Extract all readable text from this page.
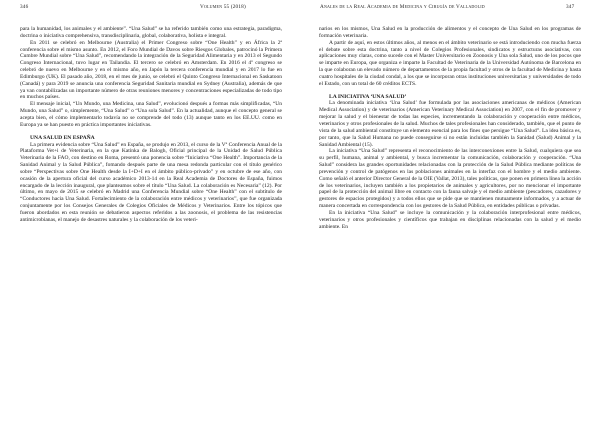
346	Volumen 55 (2018)	Anales de la Real Academia de Medicina y Cirugía de Valladolid	347

para la humanidad, los animales y el ambiente”. “Una Salud” se ha referido también como una estrategia, paradigma, doctrina o iniciativa comprehensiva, transdisciplinaria, global, colaborativa, holista e integral.

En 2011 se celebró en Melbourne (Australia) el Primer Congreso sobre “One Health” y en África la 2ª conferencia sobre el mismo asunto. En 2012, el Foro Mundial de Davos sobre Riesgos Globales, patrocinó la Primera Cumbre Mundial sobre “Una Salud”, recomendando la integración de la Seguridad Alimentaria y en 2013 el Segundo Congreso Internacional, tuvo lugar en Tailandia. El tercero se celebró en Amsterdam. En 2016 el 4º congreso se celebró de nuevo en Melbourne y en el mismo año, en Japón la tercera conferencia mundial y en 2017 lo fue en Edimburgo (UK). El pasado año, 2018, en el mes de junio, se celebró el Quinto Congreso Internacional en Saskatoon (Canadá) y para 2019 se anuncia una conferencia Seguridad Sanitaria mundial en Sydney (Australia), además de que ya van contabilizadas un importante número de otras reuniones menores y concentraciones especializadas de todo tipo en muchos países.

El mensaje inicial, “Un Mundo, una Medicina, una Salud”, evolucionó después a formas más simplificadas, “Un Mundo, una Salud” o, simplemente, “Una Salud” o “Una sola Salud”. En la actualidad, aunque el concepto general se acepta bien, el cómo implementarlo todavía no se comprende del todo (13) aunque tanto en los EE.UU. como en Europa ya se han puesto en práctica importantes iniciativas.

UNA SALUD EN ESPAÑA

La primera evidencia sobre “Una Salud” en España, se produjo en 2013, el curso de la Vª Conferencia Anual de la Plataforma Vet+i de Veterinaria, en la que Katinka de Balogh, Oficial principal de la Unidad de Salud Pública Veterinaria de la FAO, con destino en Roma, presentó una ponencia sobre “Iniciativa “One Health”. Importancia de la Sanidad Animal y la Salud Pública”, fomando después parte de una mesa redonda particular con el título genérico sobre “Perspectivas sobre One Health desde la I+D+I en el ámbito público-privado” y en octubre de ese año, con ocasión de la apertura oficial del curso académico 2013-14 en la Real Academia de Doctores de España, fuimos encargado de la lección inaugural, que planteamos sobre el título “Una Salud. La colaboración es Necesaria” (12). Por último, en mayo de 2015 se celebró en Madrid una Conferencia Mundial sobre “One Health” con el subtítulo de “Conductores hacia Una Salud. Fortalecimiento de la colaboración entre médicos y veterinarios”, que fue organizada conjuntamente por los Consejos Generales de Colegios Oficiales de Médicos y Veterinarios. Entre los tópicos que fueron abordados en esta reunión se debatieron aspectos referidos a las zoonosis, el problema de las resistencias antimicrobianas, el manejo de desastres naturales y la colaboración de los veteri-

narios en los mismos, Una Salud en la producción de alimentos y el concepto de Una Salud en los programas de formación veterinaria.

A partir de aquí, en estos últimos años, al menos en el ámbito veterinario se está introduciendo con mucha fuerza el debate sobre esta doctrina, tanto a nivel de Colegios Profesionales, sindicatos y estructuras asociativas, con aplicaciones muy claras, como sucede con el Master Universitario en Zoonosis y Una sola Salud, uno de los pocos que se imparte en Europa, que organiza e imparte la Facultad de Veterinaria de la Universidad Autónoma de Barcelona en la que colaboran un elevado número de departamentos de la propia facultad y otros de la facultad de Medicina y hasta cuatro hospitales de la ciudad condal, a los que se incorporan otras instituciones universitarias y universidades de todo el Estado, con un total de 60 créditos ECTS.

LA INICIATIVA ‘UNA SALUD’

La denominada iniciativa ‘Una Salud’ fue formulada por las asociaciones americanas de médicos (American Medical Association) y de veterinarios (American Veterinary Medical Association) en 2007, con el fin de promover y mejorar la salud y el bienestar de todas las especies, incrementando la colaboración y cooperación entre médicos, veterinarios y otros profesionales de la salud. Muchos de tales profesionales han considerado, también, que el punto de vista de la salud ambiental constituye un elemento esencial para los fines que persigue “Una Salud”. La idea básica es, por tanto, que la Salud Humana no puede conseguirse si no están incluidas también la Sanidad (Salud) Animal y la Sanidad Ambiental (15).

La iniciativa “Una Salud” representa el reconocimiento de las interconexiones entre la Salud, cualquiera que sea su perfil, humana, animal y ambiental, y busca incrementar la comunicación, colaboración y cooperación. “Una Salud” considera las grandes oportunidades relacionadas con la protección de la Salud Pública mediante políticas de prevención y control de patógenos en las poblaciones animales en la interfaz con el hombre y el medio ambiente. Como señaló el anterior Director General de la OIE (Vallat, 2013), tales políticas, que ponen en primera línea la acción de los veterinarios, incluyen también a los propietarios de animales y agricultores, por no mencionar el importante papel de la protección del animal libre en contacto con la fauna salvaje y el medio ambiente (pescadores, cazadores y gestores de espacios protegidos) y a todos ellos que se pide que se mantienen mutuamente informados, y a actuar de manera concertada en correspondencia con los gestores de la Salud Pública, en entidades públicas o privadas.

En la iniciativa “Una Salud” se incluye la comunicación y la colaboración interprofesional entre médicos, veterinarios y otros profesionales y científicos que trabajan en disciplinas relacionadas con la salud y el medio ambiente. En
